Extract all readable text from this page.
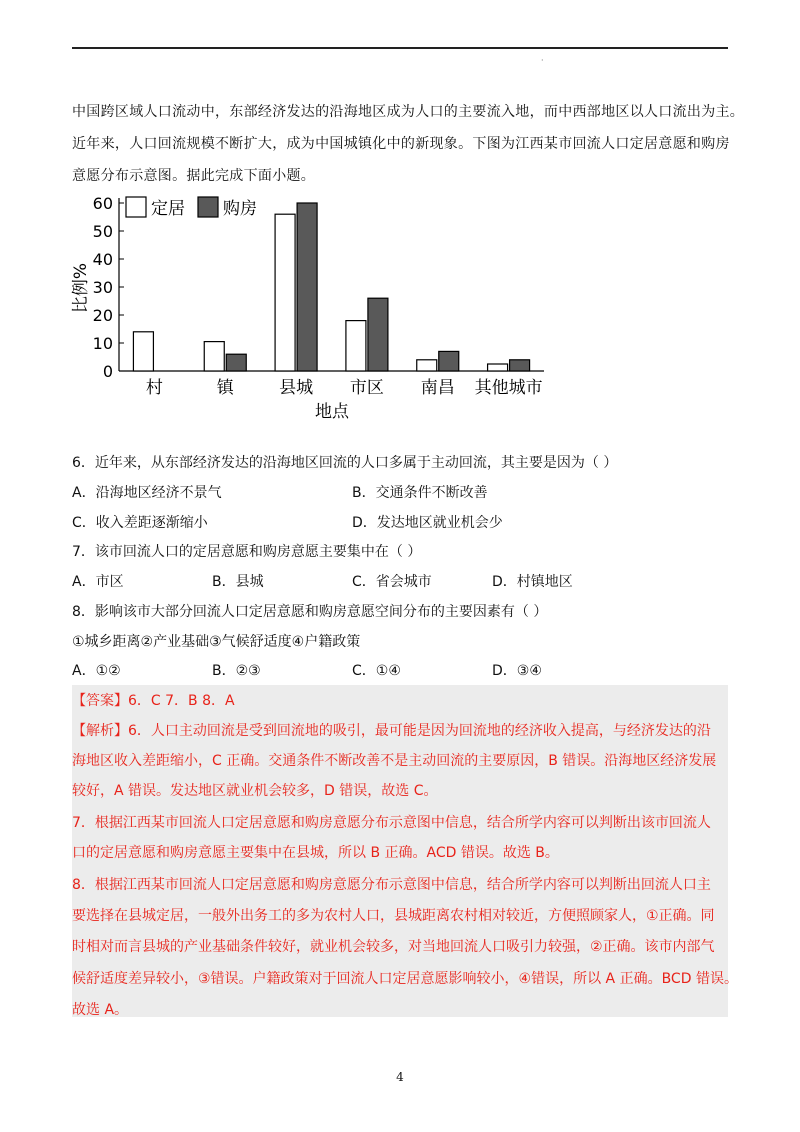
·
中国跨区域人口流动中，东部经济发达的沿海地区成为人口的主要流入地，而中西部地区以人口流出为主。
近年来，人口回流规模不断扩大，成为中国城镇化中的新现象。下图为江西某市回流人口定居意愿和购房
意愿分布示意图。据此完成下面小题。
0
10
20
30
40
50
60
比例%
村	镇	县城 市区 南昌 其他城市
地点
定居 购房
6．近年来，从东部经济发达的沿海地区回流的人口多属于主动回流，其主要是因为（ ）
A．沿海地区经济不景气	B．交通条件不断改善
C．收入差距逐渐缩小	D．发达地区就业机会少
7．该市回流人口的定居意愿和购房意愿主要集中在（ ）
A．市区	B．县城	C．省会城市	D．村镇地区
8．影响该市大部分回流人口定居意愿和购房意愿空间分布的主要因素有（ ）
①城乡距离②产业基础③气候舒适度④户籍政策
A．①②	B．②③	C．①④	D．③④
【答案】6．C 7．B 8．A
【解析】6．人口主动回流是受到回流地的吸引，最可能是因为回流地的经济收入提高，与经济发达的沿
海地区收入差距缩小，C 正确。交通条件不断改善不是主动回流的主要原因，B 错误。沿海地区经济发展
较好，A 错误。发达地区就业机会较多，D 错误，故选 C。
7．根据江西某市回流人口定居意愿和购房意愿分布示意图中信息，结合所学内容可以判断出该市回流人
口的定居意愿和购房意愿主要集中在县城，所以 B 正确。ACD 错误。故选 B。
8．根据江西某市回流人口定居意愿和购房意愿分布示意图中信息，结合所学内容可以判断出回流人口主
要选择在县城定居，一般外出务工的多为农村人口，县城距离农村相对较近，方便照顾家人，①正确。同
时相对而言县城的产业基础条件较好，就业机会较多，对当地回流人口吸引力较强，②正确。该市内部气
候舒适度差异较小，③错误。户籍政策对于回流人口定居意愿影响较小，④错误，所以 A 正确。BCD 错误。
故选 A。
4
